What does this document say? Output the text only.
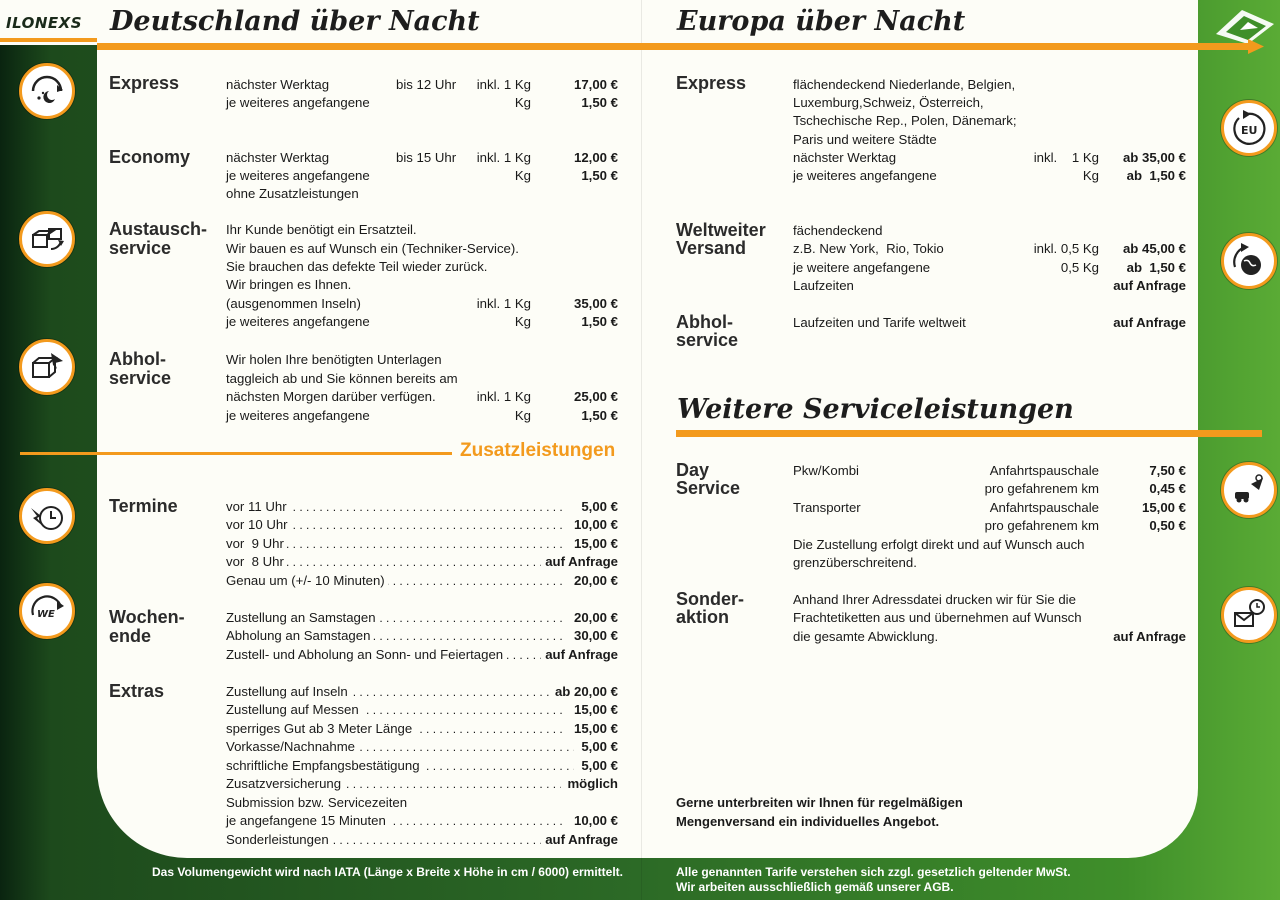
ILONEXS Deutschland über Nacht	Europa über Nacht
Express	nächster Werktag	bis 12 Uhr inkl. 1 Kg	17,00 €
je weiteres angefangene	Kg	1,50 €
Economy	nächster Werktag	bis 15 Uhr inkl. 1 Kg	12,00 €
je weiteres angefangene	Kg	1,50 €
ohne Zusatzleistungen
Austausch-
service
Ihr Kunde benötigt ein Ersatzteil.
Wir bauen es auf Wunsch ein (Techniker-Service).
Sie brauchen das defekte Teil wieder zurück.
Wir bringen es Ihnen.
(ausgenommen Inseln)	inkl. 1 Kg	35,00 €
je weiteres angefangene	Kg	1,50 €
Abhol-
service
Wir holen Ihre benötigten Unterlagen
taggleich ab und Sie können bereits am
nächsten Morgen darüber verfügen.	inkl. 1 Kg	25,00 €
je weiteres angefangene	Kg	1,50 €
Zusatzleistungen
Termine	vor 11 Uhr . . .	5,00 €
vor 10 Uhr . . .	10,00 €
vor  9 Uhr . . .	15,00 €
vor  8 Uhr . . .	auf Anfrage
Genau um (+/- 10 Minuten) . . .	20,00 €
Wochen-
ende
Zustellung an Samstagen . . .	20,00 €
Abholung an Samstagen . . .	30,00 €
Zustell- und Abholung an Sonn- und Feiertagen . . .	auf Anfrage
Extras	Zustellung auf Inseln . . .	ab 20,00 €
Zustellung auf Messen . . .	15,00 €
sperriges Gut ab 3 Meter Länge . . .	15,00 €
Vorkasse/Nachnahme . . .	5,00 €
schriftliche Empfangsbestätigung . . .	5,00 €
Zusatzversicherung . . .	möglich
Submission bzw. Servicezeiten
je angefangene 15 Minuten . . .	10,00 €
Sonderleistungen . . .	auf Anfrage
Express	flächendeckend Niederlande, Belgien,
Luxemburg,Schweiz, Österreich,
Tschechische Rep., Polen, Dänemark;
Paris und weitere Städte
nächster Werktag	inkl.    1 Kg ab 35,00 €
je weiteres angefangene	Kg ab  1,50 €
Weltweiter
Versand
fächendeckend
z.B. New York,  Rio, Tokio	inkl. 0,5 Kg ab 45,00 €
je weitere angefangene	0,5 Kg ab  1,50 €
Laufzeiten	auf Anfrage
Abhol-
service
Laufzeiten und Tarife weltweit	auf Anfrage
Weitere Serviceleistungen
Day
Service
Pkw/Kombi	Anfahrtspauschale	7,50 €
pro gefahrenem km	0,45 €
Transporter	Anfahrtspauschale	15,00 €
pro gefahrenem km	0,50 €
Die Zustellung erfolgt direkt und auf Wunsch auch
grenzüberschreitend.
Sonder-
aktion
Anhand Ihrer Adressdatei drucken wir für Sie die
Frachtetiketten aus und übernehmen auf Wunsch
die gesamte Abwicklung.	auf Anfrage
Gerne unterbreiten wir Ihnen für regelmäßigen
Mengenversand ein individuelles Angebot.
Das Volumengewicht wird nach IATA (Länge x Breite x Höhe in cm / 6000) ermittelt.	Alle genannten Tarife verstehen sich zzgl. gesetzlich geltender MwSt.
Wir arbeiten ausschließlich gemäß unserer AGB.
WE
EU
